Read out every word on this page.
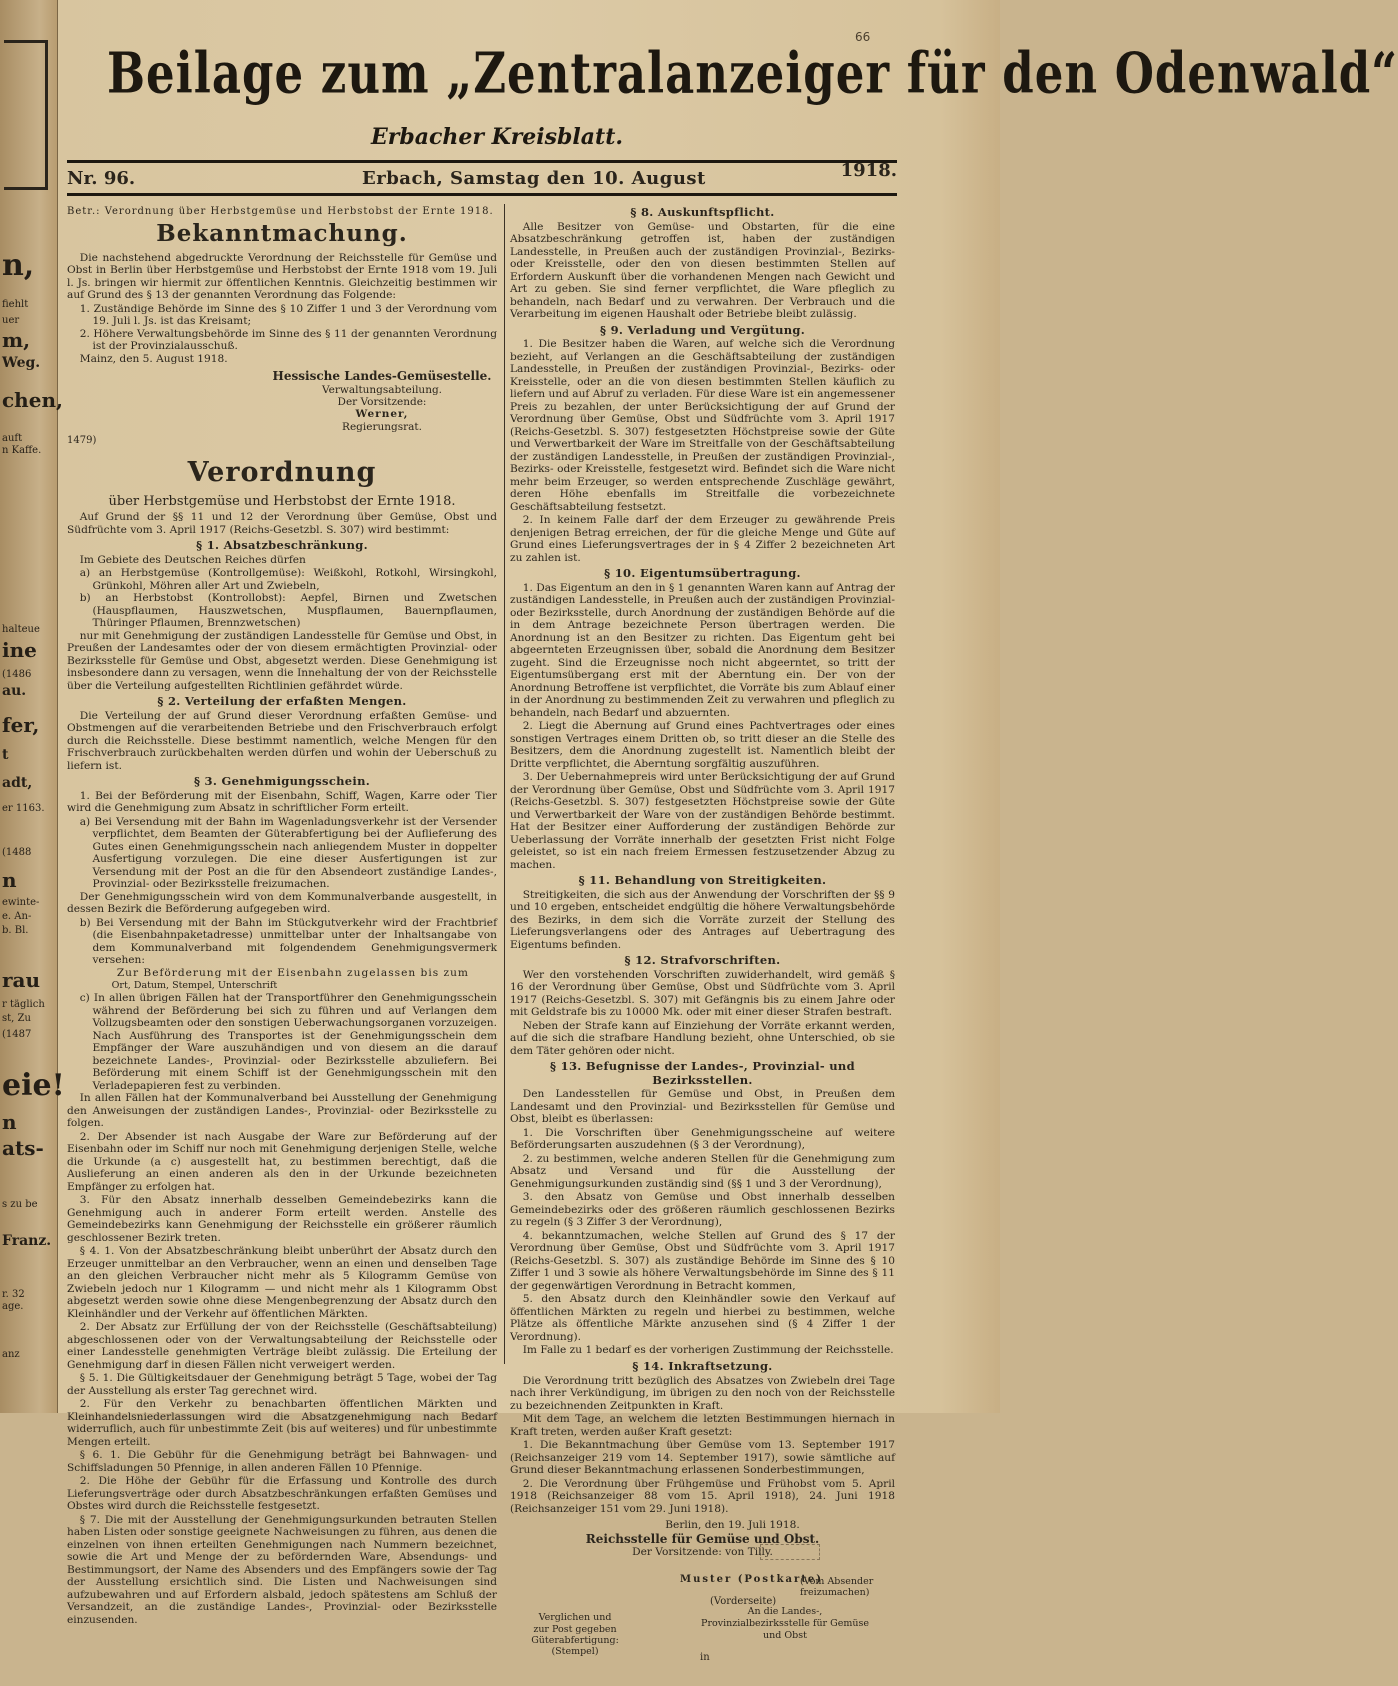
n,
fiehlt
uer
m,
Weg.
chen,
auft
n Kaffe.
halteue
ine
(1486
au.
fer,
t
adt,
er 1163.
(1488
n
ewinte-
e. An-
b. Bl.
rau
r täglich
st, Zu
(1487
eie!
n
ats-
s zu be
Franz.
r. 32
age.
anz
Beilage zum „Zentralanzeiger für den Odenwald“
66
Erbacher Kreisblatt.
Nr. 96.	Erbach, Samstag den 10. August	1918.
Betr.: Verordnung über Herbstgemüse und Herbstobst der Ernte 1918.
Bekanntmachung.

Die nachstehend abgedruckte Verordnung der Reichsstelle für Gemüse und Obst in Berlin über Herbstgemüse und Herbstobst der Ernte 1918 vom 19. Juli l. Js. bringen wir hiermit zur öffentlichen Kenntnis. Gleichzeitig bestimmen wir auf Grund des § 13 der genannten Verordnung das Folgende:

1. Zuständige Behörde im Sinne des § 10 Ziffer 1 und 3 der Verordnung vom 19. Juli l. Js. ist das Kreisamt;
2. Höhere Verwaltungsbehörde im Sinne des § 11 der genannten Verordnung ist der Provinzialausschuß.

Mainz, den 5. August 1918.

Hessische Landes-Gemüsestelle.
Verwaltungsabteilung.
Der Vorsitzende:
Werner,
Regierungsrat.
1479)
Verordnung
über Herbstgemüse und Herbstobst der Ernte 1918.

Auf Grund der §§ 11 und 12 der Verordnung über Gemüse, Obst und Südfrüchte vom 3. April 1917 (Reichs-Gesetzbl. S. 307) wird bestimmt:

§ 1. Absatzbeschränkung.

Im Gebiete des Deutschen Reiches dürfen

a) an Herbstgemüse (Kontrollgemüse): Weißkohl, Rotkohl, Wirsingkohl, Grünkohl, Möhren aller Art und Zwiebeln,
b) an Herbstobst (Kontrollobst): Aepfel, Birnen und Zwetschen (Hauspflaumen, Hauszwetschen, Muspflaumen, Bauernpflaumen, Thüringer Pflaumen, Brennzwetschen)

nur mit Genehmigung der zuständigen Landesstelle für Gemüse und Obst, in Preußen der Landesamtes oder der von diesem ermächtigten Provinzial- oder Bezirksstelle für Gemüse und Obst, abgesetzt werden. Diese Genehmigung ist insbesondere dann zu versagen, wenn die Innehaltung der von der Reichsstelle über die Verteilung aufgestellten Richtlinien gefährdet würde.

§ 2. Verteilung der erfaßten Mengen.

Die Verteilung der auf Grund dieser Verordnung erfaßten Gemüse- und Obstmengen auf die verarbeitenden Betriebe und den Frischverbrauch erfolgt durch die Reichsstelle. Diese bestimmt namentlich, welche Mengen für den Frischverbrauch zurückbehalten werden dürfen und wohin der Ueberschuß zu liefern ist.

§ 3. Genehmigungsschein.

1. Bei der Beförderung mit der Eisenbahn, Schiff, Wagen, Karre oder Tier wird die Genehmigung zum Absatz in schriftlicher Form erteilt.

a) Bei Versendung mit der Bahn im Wagenladungsverkehr ist der Versender verpflichtet, dem Beamten der Güterabfertigung bei der Auflieferung des Gutes einen Genehmigungsschein nach anliegendem Muster in doppelter Ausfertigung vorzulegen. Die eine dieser Ausfertigungen ist zur Versendung mit der Post an die für den Absendeort zuständige Landes-, Provinzial- oder Bezirksstelle freizumachen.

Der Genehmigungsschein wird von dem Kommunalverbande ausgestellt, in dessen Bezirk die Beförderung aufgegeben wird.

b) Bei Versendung mit der Bahn im Stückgutverkehr wird der Frachtbrief (die Eisenbahnpaketadresse) unmittelbar unter der Inhaltsangabe von dem Kommunalverband mit folgendendem Genehmigungsvermerk versehen:

Zur Beförderung mit der Eisenbahn zugelassen bis zum

Ort, Datum, Stempel, Unterschrift

c) In allen übrigen Fällen hat der Transportführer den Genehmigungsschein während der Beförderung bei sich zu führen und auf Verlangen dem Vollzugsbeamten oder den sonstigen Ueberwachungsorganen vorzuzeigen. Nach Ausführung des Transportes ist der Genehmigungsschein dem Empfänger der Ware auszuhändigen und von diesem an die darauf bezeichnete Landes-, Provinzial- oder Bezirksstelle abzuliefern. Bei Beförderung mit einem Schiff ist der Genehmigungsschein mit den Verladepapieren fest zu verbinden.

In allen Fällen hat der Kommunalverband bei Ausstellung der Genehmigung den Anweisungen der zuständigen Landes-, Provinzial- oder Bezirksstelle zu folgen.

2. Der Absender ist nach Ausgabe der Ware zur Beförderung auf der Eisenbahn oder im Schiff nur noch mit Genehmigung derjenigen Stelle, welche die Urkunde (a c) ausgestellt hat, zu bestimmen berechtigt, daß die Auslieferung an einen anderen als den in der Urkunde bezeichneten Empfänger zu erfolgen hat.

3. Für den Absatz innerhalb desselben Gemeindebezirks kann die Genehmigung auch in anderer Form erteilt werden. Anstelle des Gemeindebezirks kann Genehmigung der Reichsstelle ein größerer räumlich geschlossener Bezirk treten.

§ 4. 1. Von der Absatzbeschränkung bleibt unberührt der Absatz durch den Erzeuger unmittelbar an den Verbraucher, wenn an einen und denselben Tage an den gleichen Verbraucher nicht mehr als 5 Kilogramm Gemüse von Zwiebeln jedoch nur 1 Kilogramm — und nicht mehr als 1 Kilogramm Obst abgesetzt werden sowie ohne diese Mengenbegrenzung der Absatz durch den Kleinhändler und der Verkehr auf öffentlichen Märkten.

2. Der Absatz zur Erfüllung der von der Reichsstelle (Geschäftsabteilung) abgeschlossenen oder von der Verwaltungsabteilung der Reichsstelle oder einer Landesstelle genehmigten Verträge bleibt zulässig. Die Erteilung der Genehmigung darf in diesen Fällen nicht verweigert werden.

§ 5. 1. Die Gültigkeitsdauer der Genehmigung beträgt 5 Tage, wobei der Tag der Ausstellung als erster Tag gerechnet wird.

2. Für den Verkehr zu benachbarten öffentlichen Märkten und Kleinhandelsniederlassungen wird die Absatzgenehmigung nach Bedarf widerruflich, auch für unbestimmte Zeit (bis auf weiteres) und für unbestimmte Mengen erteilt.

§ 6. 1. Die Gebühr für die Genehmigung beträgt bei Bahnwagen- und Schiffsladungen 50 Pfennige, in allen anderen Fällen 10 Pfennige.

2. Die Höhe der Gebühr für die Erfassung und Kontrolle des durch Lieferungsverträge oder durch Absatzbeschränkungen erfaßten Gemüses und Obstes wird durch die Reichsstelle festgesetzt.

§ 7. Die mit der Ausstellung der Genehmigungsurkunden betrauten Stellen haben Listen oder sonstige geeignete Nachweisungen zu führen, aus denen die einzelnen von ihnen erteilten Genehmigungen nach Nummern bezeichnet, sowie die Art und Menge der zu befördernden Ware, Absendungs- und Bestimmungsort, der Name des Absenders und des Empfängers sowie der Tag der Ausstellung ersichtlich sind. Die Listen und Nachweisungen sind aufzubewahren und auf Erfordern alsbald, jedoch spätestens am Schluß der Versandzeit, an die zuständige Landes-, Provinzial- oder Bezirksstelle einzusenden.

§ 8. Auskunftspflicht.

Alle Besitzer von Gemüse- und Obstarten, für die eine Absatzbeschränkung getroffen ist, haben der zuständigen Landesstelle, in Preußen auch der zuständigen Provinzial-, Bezirks- oder Kreisstelle, oder den von diesen bestimmten Stellen auf Erfordern Auskunft über die vorhandenen Mengen nach Gewicht und Art zu geben. Sie sind ferner verpflichtet, die Ware pfleglich zu behandeln, nach Bedarf und zu verwahren. Der Verbrauch und die Verarbeitung im eigenen Haushalt oder Betriebe bleibt zulässig.

§ 9. Verladung und Vergütung.

1. Die Besitzer haben die Waren, auf welche sich die Verordnung bezieht, auf Verlangen an die Geschäftsabteilung der zuständigen Landesstelle, in Preußen der zuständigen Provinzial-, Bezirks- oder Kreisstelle, oder an die von diesen bestimmten Stellen käuflich zu liefern und auf Abruf zu verladen. Für diese Ware ist ein angemessener Preis zu bezahlen, der unter Berücksichtigung der auf Grund der Verordnung über Gemüse, Obst und Südfrüchte vom 3. April 1917 (Reichs-Gesetzbl. S. 307) festgesetzten Höchstpreise sowie der Güte und Verwertbarkeit der Ware im Streitfalle von der Geschäftsabteilung der zuständigen Landesstelle, in Preußen der zuständigen Provinzial-, Bezirks- oder Kreisstelle, festgesetzt wird. Befindet sich die Ware nicht mehr beim Erzeuger, so werden entsprechende Zuschläge gewährt, deren Höhe ebenfalls im Streitfalle die vorbezeichnete Geschäftsabteilung festsetzt.

2. In keinem Falle darf der dem Erzeuger zu gewährende Preis denjenigen Betrag erreichen, der für die gleiche Menge und Güte auf Grund eines Lieferungsvertrages der in § 4 Ziffer 2 bezeichneten Art zu zahlen ist.

§ 10. Eigentumsübertragung.

1. Das Eigentum an den in § 1 genannten Waren kann auf Antrag der zuständigen Landesstelle, in Preußen auch der zuständigen Provinzial- oder Bezirksstelle, durch Anordnung der zuständigen Behörde auf die in dem Antrage bezeichnete Person übertragen werden. Die Anordnung ist an den Besitzer zu richten. Das Eigentum geht bei abgeernteten Erzeugnissen über, sobald die Anordnung dem Besitzer zugeht. Sind die Erzeugnisse noch nicht abgeerntet, so tritt der Eigentumsübergang erst mit der Aberntung ein. Der von der Anordnung Betroffene ist verpflichtet, die Vorräte bis zum Ablauf einer in der Anordnung zu bestimmenden Zeit zu verwahren und pfleglich zu behandeln, nach Bedarf und abzuernten.

2. Liegt die Abernung auf Grund eines Pachtvertrages oder eines sonstigen Vertrages einem Dritten ob, so tritt dieser an die Stelle des Besitzers, dem die Anordnung zugestellt ist. Namentlich bleibt der Dritte verpflichtet, die Aberntung sorgfältig auszuführen.

3. Der Uebernahmepreis wird unter Berücksichtigung der auf Grund der Verordnung über Gemüse, Obst und Südfrüchte vom 3. April 1917 (Reichs-Gesetzbl. S. 307) festgesetzten Höchstpreise sowie der Güte und Verwertbarkeit der Ware von der zuständigen Behörde bestimmt. Hat der Besitzer einer Aufforderung der zuständigen Behörde zur Ueberlassung der Vorräte innerhalb der gesetzten Frist nicht Folge geleistet, so ist ein nach freiem Ermessen festzusetzender Abzug zu machen.

§ 11. Behandlung von Streitigkeiten.

Streitigkeiten, die sich aus der Anwendung der Vorschriften der §§ 9 und 10 ergeben, entscheidet endgültig die höhere Verwaltungsbehörde des Bezirks, in dem sich die Vorräte zurzeit der Stellung des Lieferungsverlangens oder des Antrages auf Uebertragung des Eigentums befinden.

§ 12. Strafvorschriften.

Wer den vorstehenden Vorschriften zuwiderhandelt, wird gemäß § 16 der Verordnung über Gemüse, Obst und Südfrüchte vom 3. April 1917 (Reichs-Gesetzbl. S. 307) mit Gefängnis bis zu einem Jahre oder mit Geldstrafe bis zu 10000 Mk. oder mit einer dieser Strafen bestraft.

Neben der Strafe kann auf Einziehung der Vorräte erkannt werden, auf die sich die strafbare Handlung bezieht, ohne Unterschied, ob sie dem Täter gehören oder nicht.

§ 13. Befugnisse der Landes-, Provinzial- und Bezirksstellen.

Den Landesstellen für Gemüse und Obst, in Preußen dem Landesamt und den Provinzial- und Bezirksstellen für Gemüse und Obst, bleibt es überlassen:

1. Die Vorschriften über Genehmigungsscheine auf weitere Beförderungsarten auszudehnen (§ 3 der Verordnung),

2. zu bestimmen, welche anderen Stellen für die Genehmigung zum Absatz und Versand und für die Ausstellung der Genehmigungsurkunden zuständig sind (§§ 1 und 3 der Verordnung),

3. den Absatz von Gemüse und Obst innerhalb desselben Gemeindebezirks oder des größeren räumlich geschlossenen Bezirks zu regeln (§ 3 Ziffer 3 der Verordnung),

4. bekanntzumachen, welche Stellen auf Grund des § 17 der Verordnung über Gemüse, Obst und Südfrüchte vom 3. April 1917 (Reichs-Gesetzbl. S. 307) als zuständige Behörde im Sinne des § 10 Ziffer 1 und 3 sowie als höhere Verwaltungsbehörde im Sinne des § 11 der gegenwärtigen Verordnung in Betracht kommen,

5. den Absatz durch den Kleinhändler sowie den Verkauf auf öffentlichen Märkten zu regeln und hierbei zu bestimmen, welche Plätze als öffentliche Märkte anzusehen sind (§ 4 Ziffer 1 der Verordnung).

Im Falle zu 1 bedarf es der vorherigen Zustimmung der Reichsstelle.

§ 14. Inkraftsetzung.

Die Verordnung tritt bezüglich des Absatzes von Zwiebeln drei Tage nach ihrer Verkündigung, im übrigen zu den noch von der Reichsstelle zu bezeichnenden Zeitpunkten in Kraft.

Mit dem Tage, an welchem die letzten Bestimmungen hiernach in Kraft treten, werden außer Kraft gesetzt:

1. Die Bekanntmachung über Gemüse vom 13. September 1917 (Reichsanzeiger 219 vom 14. September 1917), sowie sämtliche auf Grund dieser Bekanntmachung erlassenen Sonderbestimmungen,

2. Die Verordnung über Frühgemüse und Frühobst vom 5. April 1918 (Reichsanzeiger 88 vom 15. April 1918), 24. Juni 1918 (Reichsanzeiger 151 vom 29. Juni 1918).

Berlin, den 19. Juli 1918.
Reichsstelle für Gemüse und Obst.
Der Vorsitzende: von Tilly.
Muster (Postkarte)
(Vom Absender freizumachen)
(Vorderseite)
Verglichen und zur Post gegeben Güterabfertigung: (Stempel)
An die Landes-, Provinzialbezirksstelle für Gemüse und Obst
in
